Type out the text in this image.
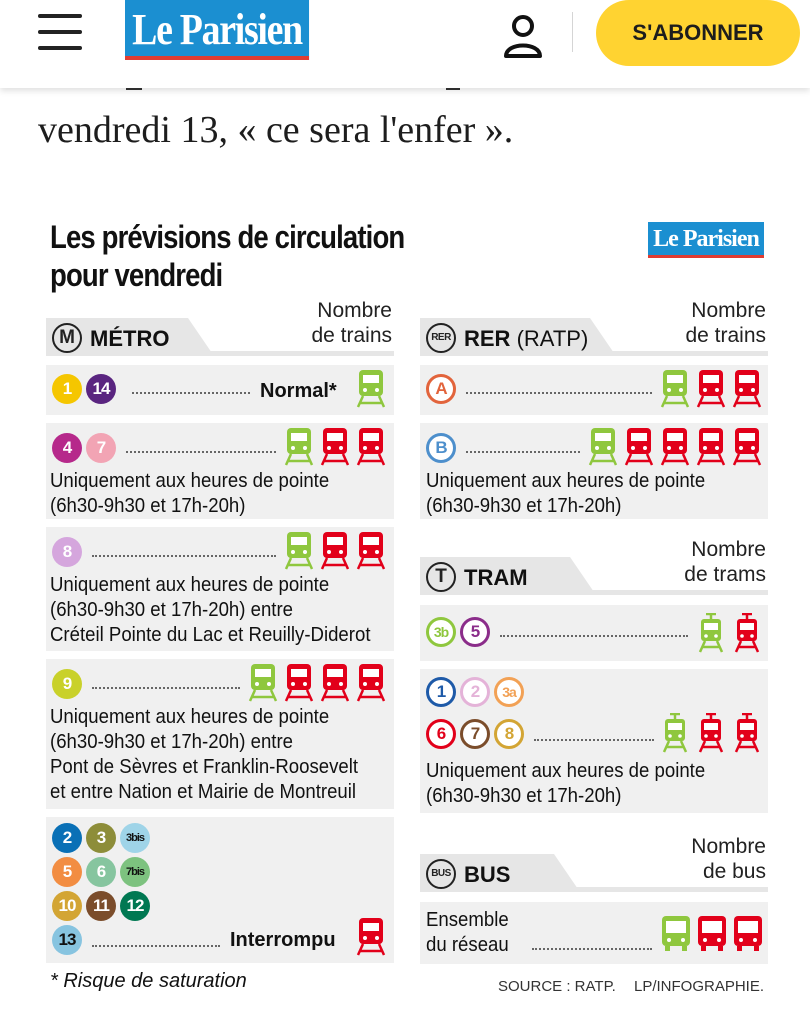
Le Parisien	S'ABONNER
vendredi 13, « ce sera l'enfer ».
Les prévisions de circulation
pour vendredi
Le Parisien
M MÉTRO
Nombre
de trains
1	14	Normal*
4	7
Uniquement aux heures de pointe
(6h30-9h30 et 17h-20h)
8
Uniquement aux heures de pointe
(6h30-9h30 et 17h-20h) entre
Créteil Pointe du Lac et Reuilly-Diderot
9
Uniquement aux heures de pointe
(6h30-9h30 et 17h-20h) entre
Pont de Sèvres et Franklin-Roosevelt
et entre Nation et Mairie de Montreuil
2	3	3bis
5	6	7bis
10	11	12
13	Interrompu
* Risque de saturation
RER RER (RATP)
Nombre
de trains
A
B
Uniquement aux heures de pointe
(6h30-9h30 et 17h-20h)
T TRAM
Nombre
de trams
3b	5
1	2	3a
6	7	8
Uniquement aux heures de pointe
(6h30-9h30 et 17h-20h)
BUS BUS
Nombre
de bus
Ensemble
du réseau
SOURCE : RATP. LP/INFOGRAPHIE.
